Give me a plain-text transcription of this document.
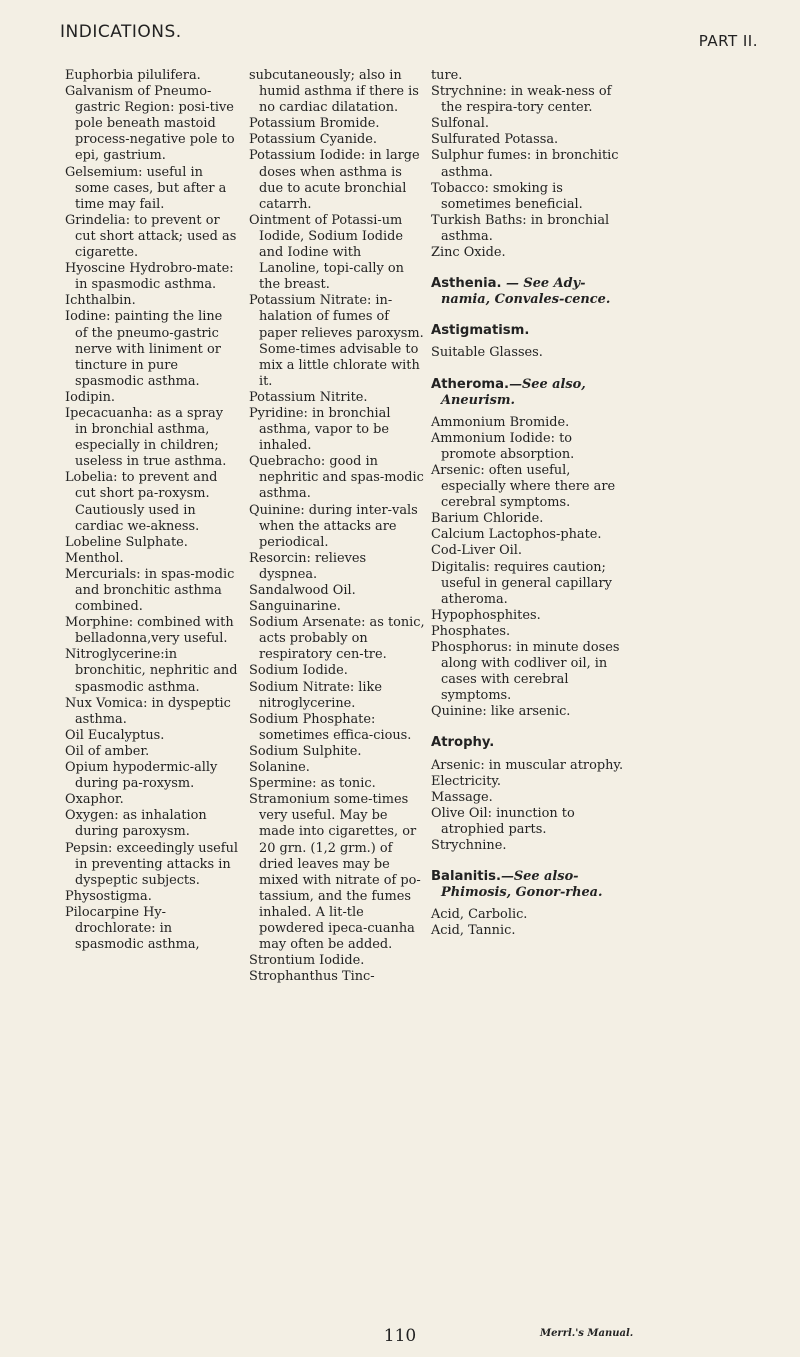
INDICATIONS.	PART II.

Euphorbia pilulifera.

Galvanism of Pneumo-gastric Region: posi-tive pole beneath mastoid process-negative pole to epi, gastrium.

Gelsemium: useful in some cases, but after a time may fail.

Grindelia: to prevent or cut short attack; used as cigarette.

Hyoscine Hydrobro-mate: in spasmodic asthma.

Ichthalbin.

Iodine: painting the line of the pneumo-gastric nerve with liniment or tincture in pure spasmodic asthma.

Iodipin.

Ipecacuanha: as a spray in bronchial asthma, especially in children; useless in true asthma.

Lobelia: to prevent and cut short pa-roxysm. Cautiously used in cardiac we-akness.

Lobeline Sulphate.

Menthol.

Mercurials: in spas-modic and bronchitic asthma combined.

Morphine: combined with belladonna,very useful.

Nitroglycerine:in bronchitic, nephritic and spasmodic asthma.

Nux Vomica: in dyspeptic asthma.

Oil Eucalyptus.

Oil of amber.

Opium hypodermic-ally during pa-roxysm.

Oxaphor.

Oxygen: as inhalation during paroxysm.

Pepsin: exceedingly useful in preventing attacks in dyspeptic subjects.

Physostigma.

Pilocarpine Hy-drochlorate: in spasmodic asthma,

subcutaneously; also in humid asthma if there is no cardiac dilatation.

Potassium Bromide.

Potassium Cyanide.

Potassium Iodide: in large doses when asthma is due to acute bronchial catarrh.

Ointment of Potassi-um Iodide, Sodium Iodide and Iodine with Lanoline, topi-cally on the breast.

Potassium Nitrate: in-halation of fumes of paper relieves paroxysm. Some-times advisable to mix a little chlorate with it.

Potassium Nitrite.

Pyridine: in bronchial asthma, vapor to be inhaled.

Quebracho: good in nephritic and spas-modic asthma.

Quinine: during inter-vals when the attacks are periodical.

Resorcin: relieves dyspnea.

Sandalwood Oil.

Sanguinarine.

Sodium Arsenate: as tonic, acts probably on respiratory cen-tre.

Sodium Iodide.

Sodium Nitrate: like nitroglycerine.

Sodium Phosphate: sometimes effica-cious.

Sodium Sulphite.

Solanine.

Spermine: as tonic.

Stramonium some-times very useful. May be made into cigarettes, or 20 grn. (1,2 grm.) of dried leaves may be mixed with nitrate of po-tassium, and the fumes inhaled. A lit-tle powdered ipeca-cuanha may often be added.

Strontium Iodide.

Strophanthus Tinc-

ture.

Strychnine: in weak-ness of the respira-tory center.

Sulfonal.

Sulfurated Potassa.

Sulphur fumes: in bronchitic asthma.

Tobacco: smoking is sometimes beneficial.

Turkish Baths: in bronchial asthma.

Zinc Oxide.

Asthenia. — See Ady-namia, Convales-cence.

Astigmatism.

Suitable Glasses.

Atheroma.—See also, Aneurism.

Ammonium Bromide.

Ammonium Iodide: to promote absorption.

Arsenic: often useful, especially where there are cerebral symptoms.

Barium Chloride.

Calcium Lactophos-phate.

Cod-Liver Oil.

Digitalis: requires caution; useful in general capillary atheroma.

Hypophosphites.

Phosphates.

Phosphorus: in minute doses along with codliver oil, in cases with cerebral symptoms.

Quinine: like arsenic.

Atrophy.

Arsenic: in muscular atrophy.

Electricity.

Massage.

Olive Oil: inunction to atrophied parts.

Strychnine.

Balanitis.—See also-Phimosis, Gonor-rhea.

Acid, Carbolic.

Acid, Tannic.

110	Merrl.'s Manual.
